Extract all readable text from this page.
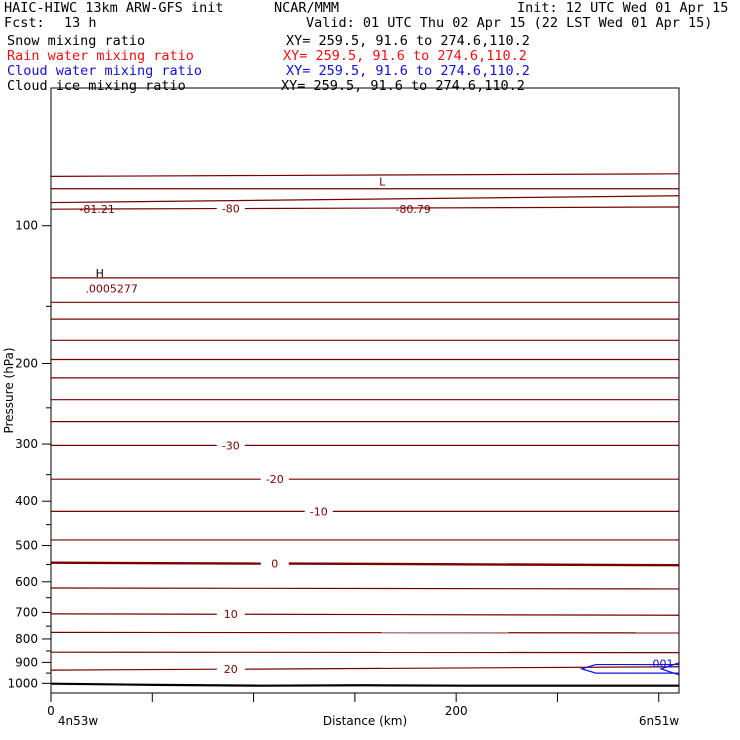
HAIC-HIWC 13km ARW-GFS init	NCAR/MMM	Init: 12 UTC Wed 01 Apr 15
Fcst: 13 h	Valid: 01 UTC Thu 02 Apr 15 (22 LST Wed 01 Apr 15)
Snow mixing ratio	XY= 259.5, 91.6 to 274.6,110.2
Rain water mixing ratio	XY= 259.5, 91.6 to 274.6,110.2
Cloud water mixing ratio	XY= 259.5, 91.6 to 274.6,110.2
Cloud ice mixing ratio	XY= 259.5, 91.6 to 274.6,110.2
-80
-30
-20
-10
0
10
20
-81.21	-80.79
L
H
.0005277
.001
100
200
300
400
500
600
700
800
900
1000
0	200
Pressure (hPa)
Distance (km)
4n53w	6n51w
